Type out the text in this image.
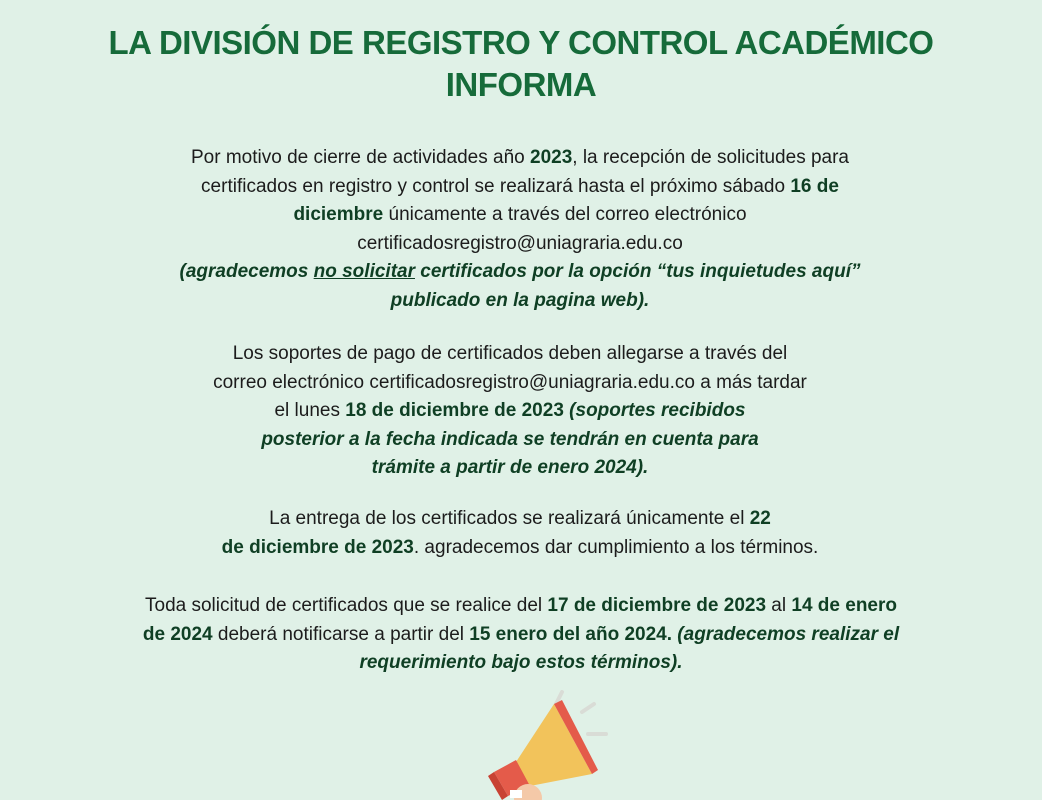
LA DIVISIÓN DE REGISTRO Y CONTROL ACADÉMICO
INFORMA
Por motivo de cierre de actividades año 2023, la recepción de solicitudes para
certificados en registro y control se realizará hasta el próximo sábado 16 de
diciembre únicamente a través del correo electrónico
certificadosregistro@uniagraria.edu.co
(agradecemos no solicitar certificados por la opción “tus inquietudes aquí”
publicado en la pagina web).
Los soportes de pago de certificados deben allegarse a través del
correo electrónico certificadosregistro@uniagraria.edu.co a más tardar
el lunes 18 de diciembre de 2023 (soportes recibidos
posterior a la fecha indicada se tendrán en cuenta para
trámite a partir de enero 2024).
La entrega de los certificados se realizará únicamente el 22
de diciembre de 2023. agradecemos dar cumplimiento a los términos.
Toda solicitud de certificados que se realice del 17 de diciembre de 2023 al 14 de enero
de 2024 deberá notificarse a partir del 15 enero del año 2024. (agradecemos realizar el
requerimiento bajo estos términos).
